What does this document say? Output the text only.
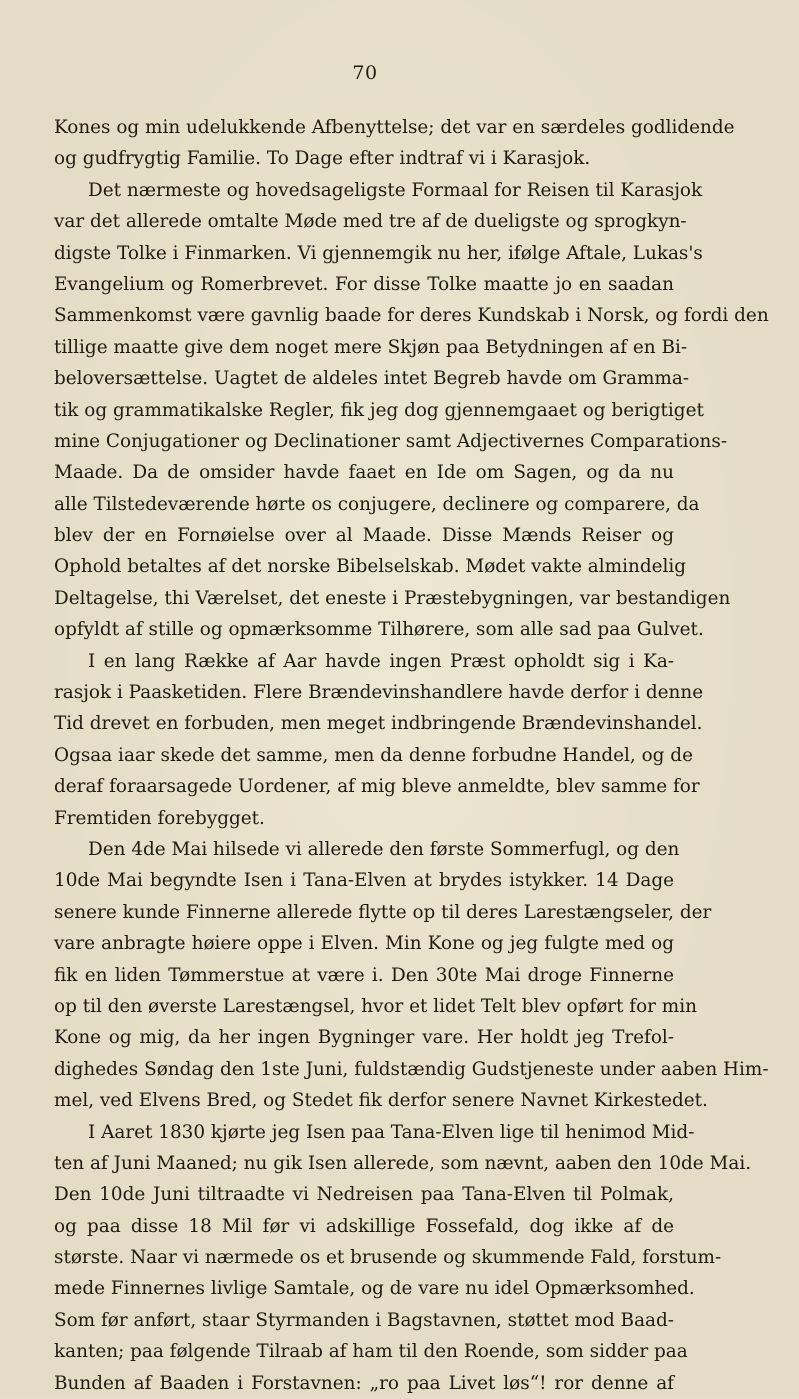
70
Kones og min udelukkende Afbenyttelse; det var en særdeles godlidende
og gudfrygtig Familie. To Dage efter indtraf vi i Karasjok.
Det nærmeste og hovedsageligste Formaal for Reisen til Karasjok
var det allerede omtalte Møde med tre af de dueligste og sprogkyn-
digste Tolke i Finmarken. Vi gjennemgik nu her, ifølge Aftale, Lukas's
Evangelium og Romerbrevet. For disse Tolke maatte jo en saadan
Sammenkomst være gavnlig baade for deres Kundskab i Norsk, og fordi den
tillige maatte give dem noget mere Skjøn paa Betydningen af en Bi-
beloversættelse. Uagtet de aldeles intet Begreb havde om Gramma-
tik og grammatikalske Regler, fik jeg dog gjennemgaaet og berigtiget
mine Conjugationer og Declinationer samt Adjectivernes Comparations-
Maade. Da de omsider havde faaet en Ide om Sagen, og da nu
alle Tilstedeværende hørte os conjugere, declinere og comparere, da
blev der en Fornøielse over al Maade. Disse Mænds Reiser og
Ophold betaltes af det norske Bibelselskab. Mødet vakte almindelig
Deltagelse, thi Værelset, det eneste i Præstebygningen, var bestandigen
opfyldt af stille og opmærksomme Tilhørere, som alle sad paa Gulvet.
I en lang Række af Aar havde ingen Præst opholdt sig i Ka-
rasjok i Paasketiden. Flere Brændevinshandlere havde derfor i denne
Tid drevet en forbuden, men meget indbringende Brændevinshandel.
Ogsaa iaar skede det samme, men da denne forbudne Handel, og de
deraf foraarsagede Uordener, af mig bleve anmeldte, blev samme for
Fremtiden forebygget.
Den 4de Mai hilsede vi allerede den første Sommerfugl, og den
10de Mai begyndte Isen i Tana-Elven at brydes istykker. 14 Dage
senere kunde Finnerne allerede flytte op til deres Larestængseler, der
vare anbragte høiere oppe i Elven. Min Kone og jeg fulgte med og
fik en liden Tømmerstue at være i. Den 30te Mai droge Finnerne
op til den øverste Larestængsel, hvor et lidet Telt blev opført for min
Kone og mig, da her ingen Bygninger vare. Her holdt jeg Trefol-
dighedes Søndag den 1ste Juni, fuldstændig Gudstjeneste under aaben Him-
mel, ved Elvens Bred, og Stedet fik derfor senere Navnet Kirkestedet.
I Aaret 1830 kjørte jeg Isen paa Tana-Elven lige til henimod Mid-
ten af Juni Maaned; nu gik Isen allerede, som nævnt, aaben den 10de Mai.
Den 10de Juni tiltraadte vi Nedreisen paa Tana-Elven til Polmak,
og paa disse 18 Mil før vi adskillige Fossefald, dog ikke af de
største. Naar vi nærmede os et brusende og skummende Fald, forstum-
mede Finnernes livlige Samtale, og de vare nu idel Opmærksomhed.
Som før anført, staar Styrmanden i Bagstavnen, støttet mod Baad-
kanten; paa følgende Tilraab af ham til den Roende, som sidder paa
Bunden af Baaden i Forstavnen: „ro paa Livet løs“! ror denne af
